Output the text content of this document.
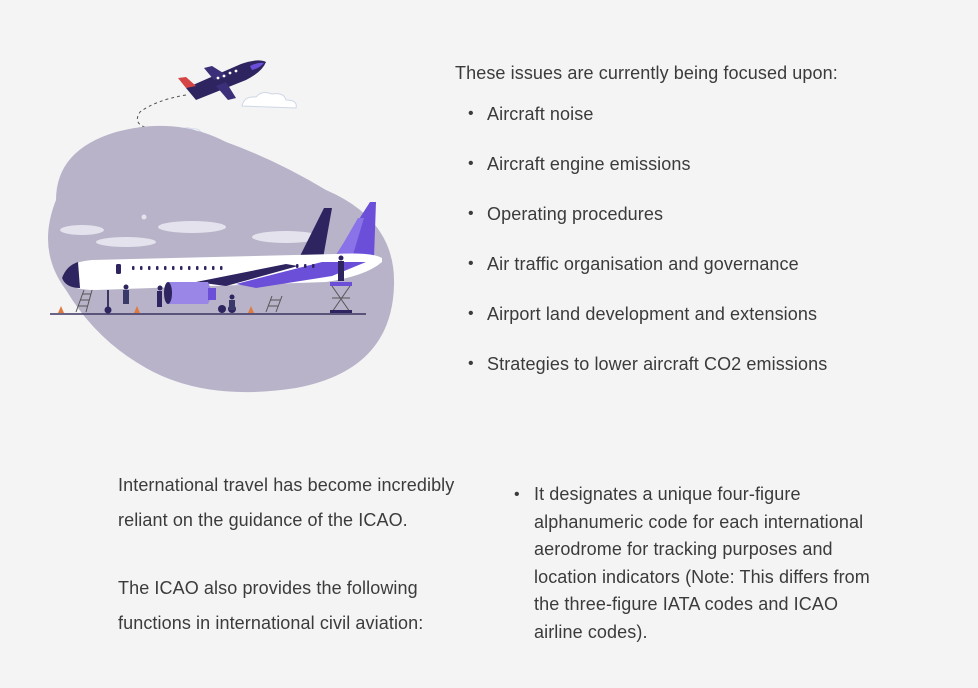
These issues are currently being focused upon:

• Aircraft noise
• Aircraft engine emissions
• Operating procedures
• Air traffic organisation and governance
• Airport land development and extensions
• Strategies to lower aircraft CO2 emissions

International travel has become incredibly reliant on the guidance of the ICAO.

The ICAO also provides the following functions in international civil aviation:

• It designates a unique four-figure alphanumeric code for each international aerodrome for tracking purposes and location indicators (Note: This differs from the three-figure IATA codes and ICAO airline codes).
